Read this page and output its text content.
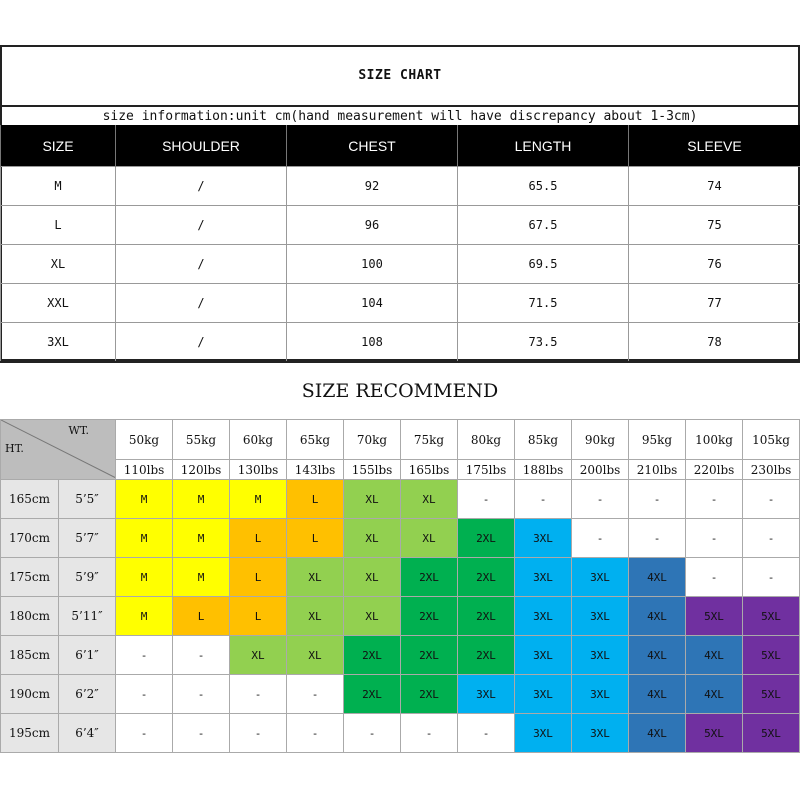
SIZE CHART
size information:unit cm(hand measurement will have discrepancy about 1-3cm)
SIZE	SHOULDER	CHEST	LENGTH	SLEEVE
M	/	92	65.5	74
L	/	96	67.5	75
XL	/	100	69.5	76
XXL	/	104	71.5	77
3XL	/	108	73.5	78
SIZE RECOMMEND
WT.
HT.		50kg	55kg	60kg	65kg	70kg	75kg	80kg	85kg	90kg	95kg	100kg	105kg
		110lbs	120lbs	130lbs	143lbs	155lbs	165lbs	175lbs	188lbs	200lbs	210lbs	220lbs	230lbs
165cm	5’5″	M	M	M	L	XL	XL	-	-	-	-	-	-
170cm	5’7″	M	M	L	L	XL	XL	2XL	3XL	-	-	-	-
175cm	5’9″	M	M	L	XL	XL	2XL	2XL	3XL	3XL	4XL	-	-
180cm	5’11″	M	L	L	XL	XL	2XL	2XL	3XL	3XL	4XL	5XL	5XL
185cm	6’1″	-	-	XL	XL	2XL	2XL	2XL	3XL	3XL	4XL	4XL	5XL
190cm	6’2″	-	-	-	-	2XL	2XL	3XL	3XL	3XL	4XL	4XL	5XL
195cm	6’4″	-	-	-	-	-	-	-	3XL	3XL	4XL	5XL	5XL
